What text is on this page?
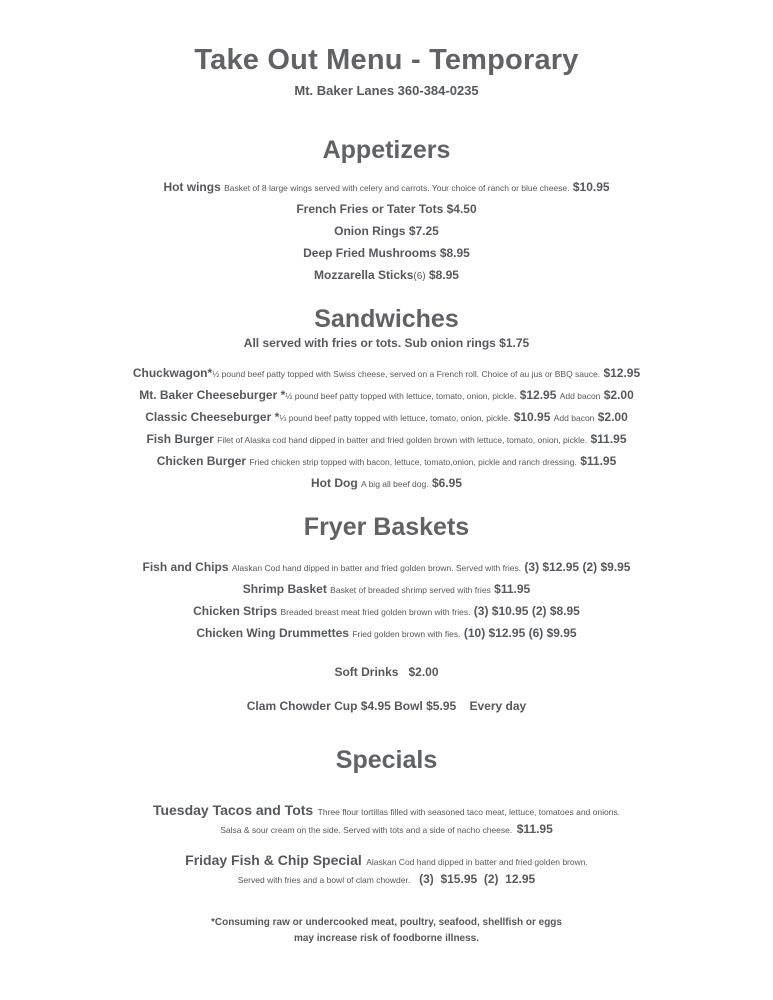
Take Out Menu - Temporary
Mt. Baker Lanes 360-384-0235
Appetizers
Hot wings Basket of 8 large wings served with celery and carrots. Your choice of ranch or blue cheese. $10.95
French Fries or Tater Tots $4.50
Onion Rings $7.25
Deep Fried Mushrooms $8.95
Mozzarella Sticks(6) $8.95
Sandwiches
All served with fries or tots. Sub onion rings $1.75
Chuckwagon*½ pound beef patty topped with Swiss cheese, served on a French roll. Choice of au jus or BBQ sauce. $12.95
Mt. Baker Cheeseburger *½ pound beef patty topped with lettuce, tomato, onion, pickle. $12.95 Add bacon $2.00
Classic Cheeseburger *⅓ pound beef patty topped with lettuce, tomato, onion, pickle. $10.95 Add bacon $2.00
Fish Burger Filet of Alaska cod hand dipped in batter and fried golden brown with lettuce, tomato, onion, pickle. $11.95
Chicken Burger Fried chicken strip topped with bacon, lettuce, tomato,onion, pickle and ranch dressing. $11.95
Hot Dog A big all beef dog. $6.95
Fryer Baskets
Fish and Chips Alaskan Cod hand dipped in batter and fried golden brown. Served with fries. (3) $12.95 (2) $9.95
Shrimp Basket Basket of breaded shrimp served with fries $11.95
Chicken Strips Breaded breast meat fried golden brown with fries. (3) $10.95 (2) $8.95
Chicken Wing Drummettes Fried golden brown with fies. (10) $12.95 (6) $9.95
Soft Drinks   $2.00
Clam Chowder Cup $4.95 Bowl $5.95    Every day
Specials
Tuesday Tacos and Tots Three flour tortillas filled with seasoned taco meat, lettuce, tomatoes and onions.
Salsa & sour cream on the side. Served with tots and a side of nacho cheese. $11.95
Friday Fish & Chip Special Alaskan Cod hand dipped in batter and fried golden brown.
Served with fries and a bowl of clam chowder. (3)  $15.95  (2)  12.95
*Consuming raw or undercooked meat, poultry, seafood, shellfish or eggs
may increase risk of foodborne illness.
